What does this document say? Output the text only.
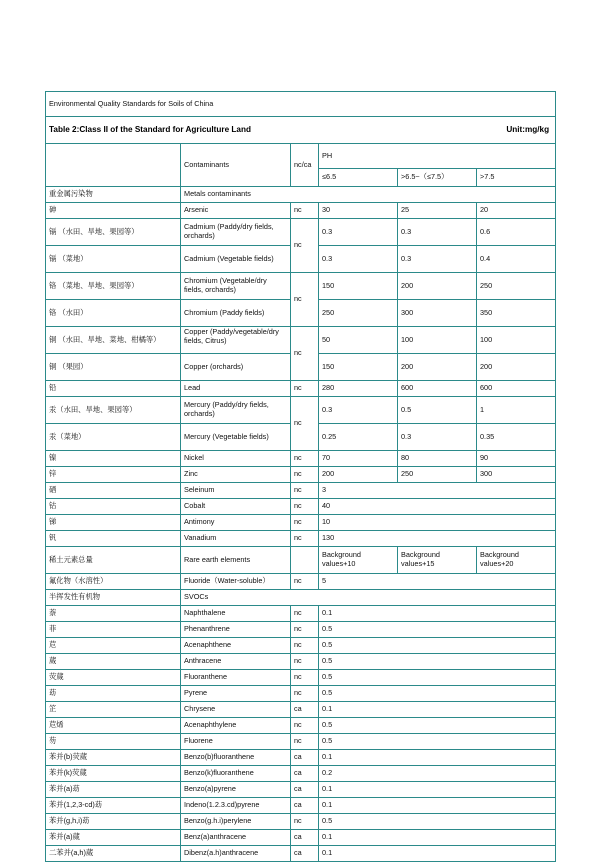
Environmental Quality Standards for Soils of China					

Table 2:Class II of the Standard for Agriculture Land Unit:mg/kg					

	Contaminants	nc/ca	PH		
			≤6.5	>6.5~（≤7.5）	>7.5
重金属污染物	Metals contaminants				
砷	Arsenic	nc	30	25	20
镉 （水田、旱地、果园等）	Cadmium (Paddy/dry fields, orchards)	nc	0.3	0.3	0.6
镉 （菜地）	Cadmium (Vegetable fields)		0.3	0.3	0.4
铬 （菜地、旱地、果园等）	Chromium (Vegetable/dry fields, orchards)	nc	150	200	250
铬 （水田）	Chromium (Paddy fields)		250	300	350
铜 （水田、旱地、菜地、柑橘等）	Copper (Paddy/vegetable/dry fields, Citrus)	nc	50	100	100
铜 （果园）	Copper (orchards)		150	200	200
铅	Lead	nc	280	600	600
汞（水田、旱地、果园等）	Mercury (Paddy/dry fields, orchards)	nc	0.3	0.5	1
汞（菜地）	Mercury (Vegetable fields)		0.25	0.3	0.35
镍	Nickel	nc	70	80	90
锌	Zinc	nc	200	250	300
硒	Seleinum	nc	3		
钴	Cobalt	nc	40		
锑	Antimony	nc	10		
钒	Vanadium	nc	130		
稀土元素总量	Rare earth elements		Background values+10	Background values+15	Background values+20
氟化物（水溶性）	Fluoride（Water-soluble）	nc	5		
半挥发性有机物	SVOCs				
萘	Naphthalene	nc	0.1		
菲	Phenanthrene	nc	0.5		
苊	Acenaphthene	nc	0.5		
蒇	Anthracene	nc	0.5		
荧蒇	Fluoranthene	nc	0.5		
苭	Pyrene	nc	0.5		
䇛	Chrysene	ca	0.1		
苊烯	Acenaphthylene	nc	0.5		
芴	Fluorene	nc	0.5		
苯并(b)荧蒇	Benzo(b)fluoranthene	ca	0.1		
苯并(k)荧蒇	Benzo(k)fluoranthene	ca	0.2		
苯并(a)苭	Benzo(a)pyrene	ca	0.1		
苯并(1,2,3-cd)苭	Indeno(1.2.3.cd)pyrene	ca	0.1		
苯并(g,h,i)苭	Benzo(g.h.i)perylene	nc	0.5		
苯并(a)蒇	Benz(a)anthracene	ca	0.1		
二苯并(a,h)蒇	Dibenz(a.h)anthracene	ca	0.1		
